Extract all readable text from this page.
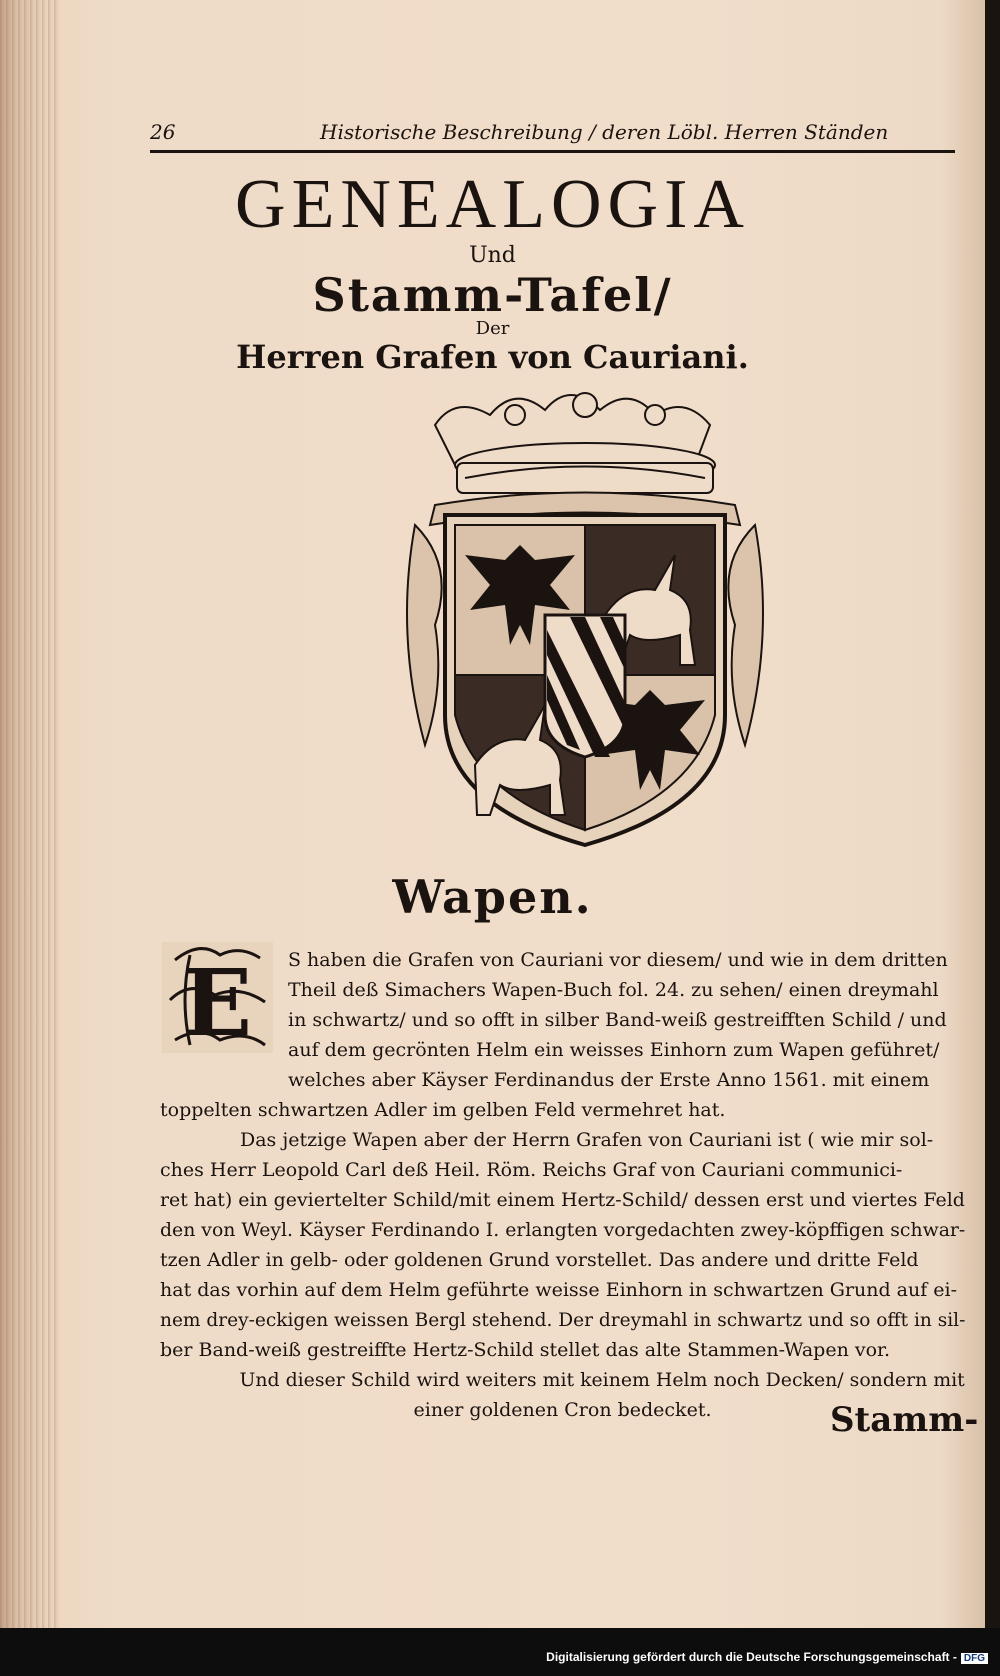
26	Historische Beschreibung / deren Löbl. Herren Ständen
GENEALOGIA
Und
Stamm-Tafel/
Der
Herren Grafen von Cauriani.
Wapen.
E	S haben die Grafen von Cauriani vor diesem/ und wie in dem dritten
Theil deß Simachers Wapen-Buch fol. 24. zu sehen/ einen dreymahl
in schwartz/ und so offt in silber Band-weiß gestreifften Schild / und
auf dem gecrönten Helm ein weisses Einhorn zum Wapen geführet/
welches aber Käyser Ferdinandus der Erste Anno 1561. mit einem
toppelten schwartzen Adler im gelben Feld vermehret hat.
Das jetzige Wapen aber der Herrn Grafen von Cauriani ist ( wie mir sol-
ches Herr Leopold Carl deß Heil. Röm. Reichs Graf von Cauriani communici-
ret hat) ein geviertelter Schild/mit einem Hertz-Schild/ dessen erst und viertes Feld
den von Weyl. Käyser Ferdinando I. erlangten vorgedachten zwey-köpffigen schwar-
tzen Adler in gelb- oder goldenen Grund vorstellet. Das andere und dritte Feld
hat das vorhin auf dem Helm geführte weisse Einhorn in schwartzen Grund auf ei-
nem drey-eckigen weissen Bergl stehend. Der dreymahl in schwartz und so offt in sil-
ber Band-weiß gestreiffte Hertz-Schild stellet das alte Stammen-Wapen vor.
Und dieser Schild wird weiters mit keinem Helm noch Decken/ sondern mit
einer goldenen Cron bedecket.	Stamm-
Digitalisierung gefördert durch die Deutsche Forschungsgemeinschaft - DFG
